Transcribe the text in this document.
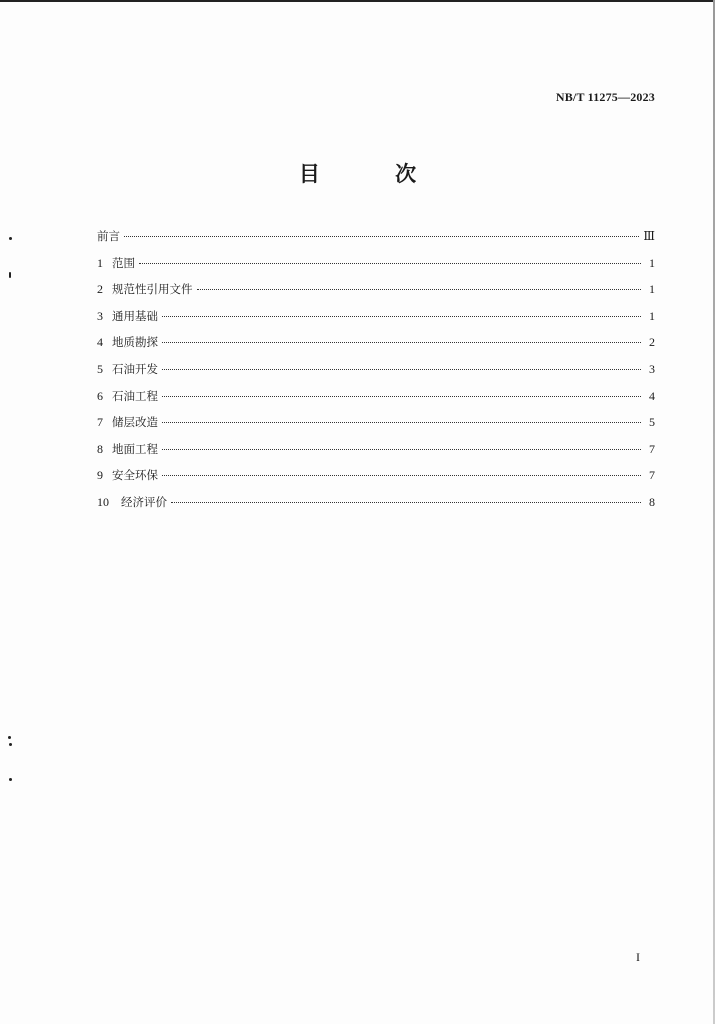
NB/T 11275—2023
目 次
前言	Ⅲ
1 范围	1
2 规范性引用文件	1
3 通用基础	1
4 地质勘探	2
5 石油开发	3
6 石油工程	4
7 储层改造	5
8 地面工程	7
9 安全环保	7
10 经济评价	8
I
